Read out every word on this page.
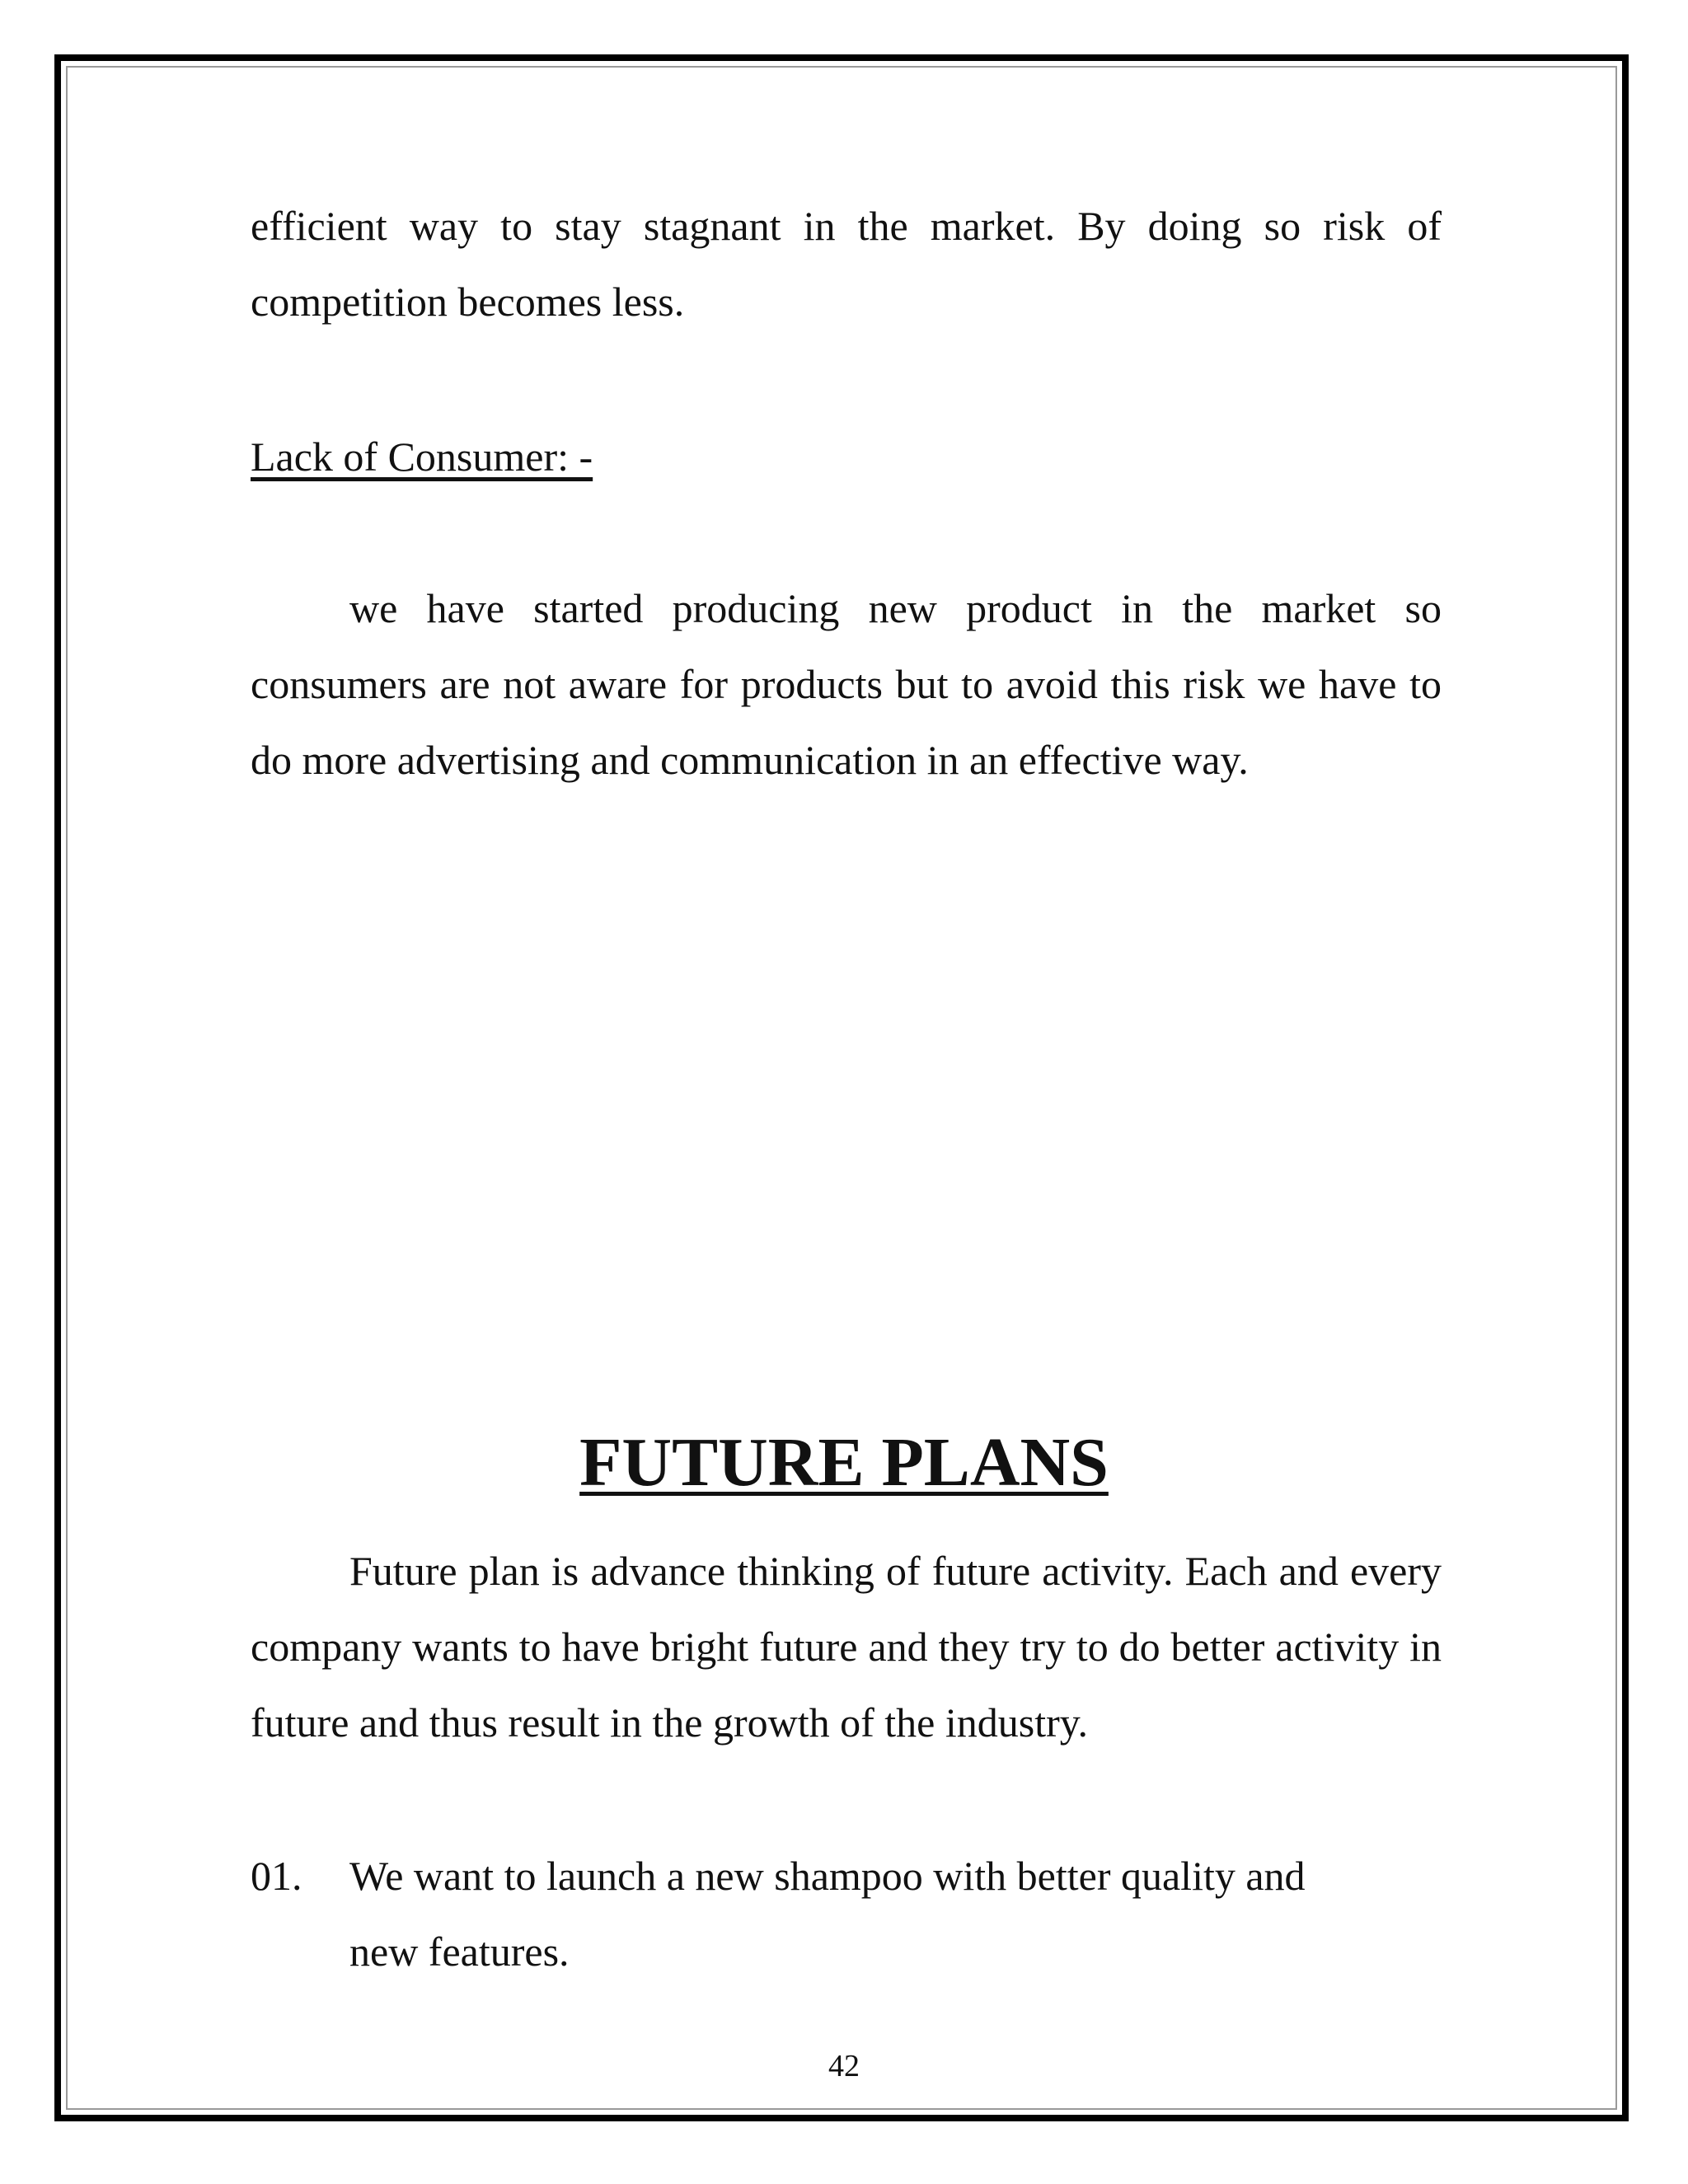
efficient way to stay stagnant in the market. By doing so risk of competition becomes less.

Lack of Consumer: -

we have started producing new product in the market so consumers are not aware for products but to avoid this risk we have to do more advertising and communication in an effective way.

FUTURE PLANS

Future plan is advance thinking of future activity. Each and every company wants to have bright future and they try to do better activity in future and thus result in the growth of the industry.

01.	We want to launch a new shampoo with better quality and new features.
42
